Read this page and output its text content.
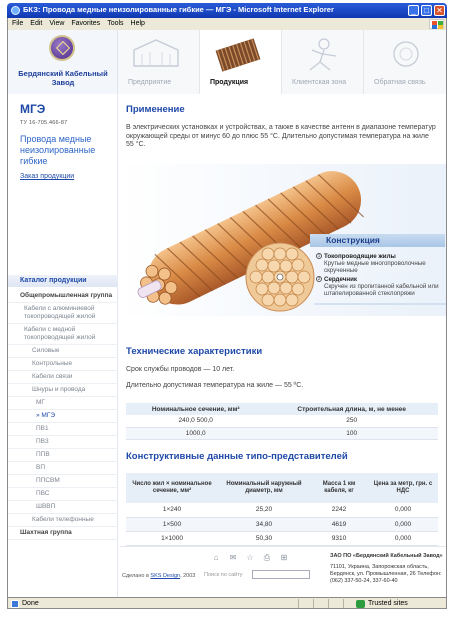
БКЗ: Провода медные неизолированные гибкие — МГЭ - Microsoft Internet Explorer	_	□ ✕
File Edit View Favorites Tools Help
Бердянский Кабельный
Завод	Предприятие	Продукция	Клиентская зона	Обратная связь
МГЭ
ТУ 16-705.466-87
Провода медные неизолированные гибкие
Заказ продукции
Каталог продукции
Общепромышленная группа
Кабели с алюминиевой токопроводящей жилой
Кабели с медной токопроводящей жилой
Силовые
Контрольные
Кабели связи
Шнуры и провода
МГ
» МГЭ
ПВ1
ПВ3
ППВ
ВП
ППСВМ
ПВС
ШВВП
Кабели телефонные
Шахтная группа
Применение
В электрических установках и устройствах, а также в качестве антенн в диапазоне температур окружающей среды от минус 60 до плюс 55 °С. Длительно допустимая температура на жиле 55 °С.
Конструкция
1 Токопроводящие жилы
Крутые медные многопроволочные скрученные
2 Сердечник
Скручен из пропитанной кабельной или штапелированной стеклопряжи
Технические характеристики
Срок службы проводов — 10 лет.
Длительно допустимая температура на жиле — 55 ºС.
Номинальное сечение, мм²	Строительная длина, м, не менее
240,0 500,0	250
1000,0	100
Конструктивные данные типо-представителей
Число жил × номинальное сечение, мм²	Номинальный наружный диаметр, мм	Масса 1 км кабеля, кг	Цена за метр, грн. с НДС
1×240	25,20	2242	0,000
1×500	34,80	4619	0,000
1×1000	50,30	9310	0,000
⌂ ✉ ☆ ⎙ ⊞
Сделано в SKS Design, 2003 Поиск по сайту
ЗАО ПО «Бердянский Кабельный Завод»
71101, Украина, Запорожская область, Бердянск, ул. Промышленная, 26 Телефон: (062) 337-50-24, 337-60-40
Done	Trusted sites
